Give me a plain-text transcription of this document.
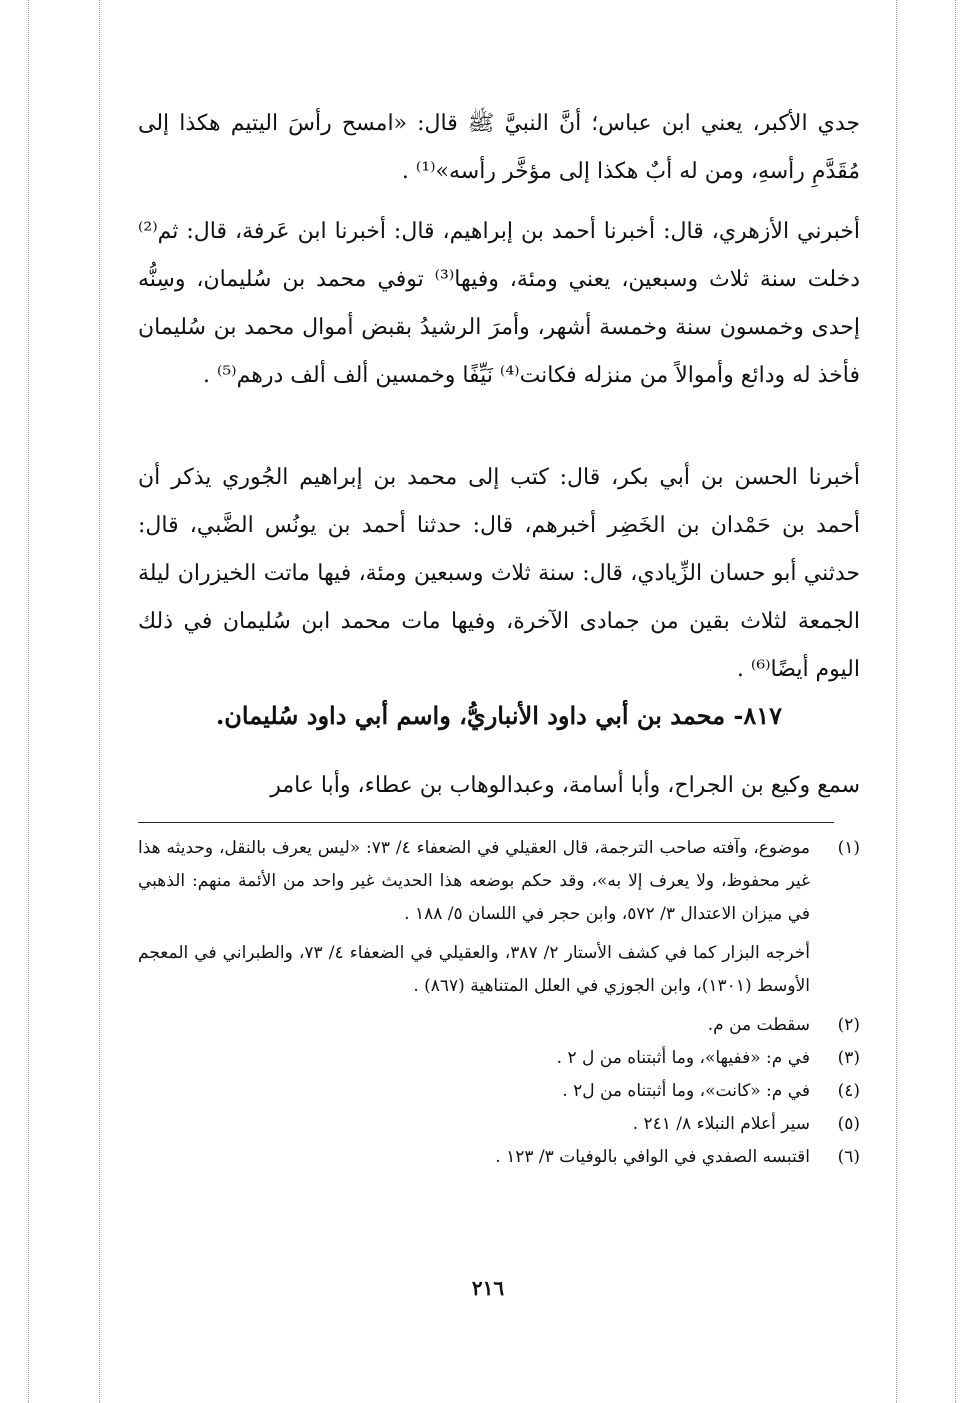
جدي الأكبر، يعني ابن عباس؛ أنَّ النبيَّ ﷺ قال: «امسح رأسَ اليتيم هكذا إلى مُقَدَّمِ رأسهِ، ومن له أبٌ هكذا إلى مؤخَّر رأسه»⁽¹⁾ .

أخبرني الأزهري، قال: أخبرنا أحمد بن إبراهيم، قال: أخبرنا ابن عَرفة، قال: ثم⁽²⁾ دخلت سنة ثلاث وسبعين، يعني ومئة، وفيها⁽³⁾ توفي محمد بن سُليمان، وسِنُّه إحدى وخمسون سنة وخمسة أشهر، وأمرَ الرشيدُ بقبض أموال محمد بن سُليمان فأخذ له ودائع وأموالاً من منزله فكانت⁽⁴⁾ نَيِّفًا وخمسين ألف ألف درهم⁽⁵⁾ .

أخبرنا الحسن بن أبي بكر، قال: كتب إلى محمد بن إبراهيم الجُوري يذكر أن أحمد بن حَمْدان بن الخَضِر أخبرهم، قال: حدثنا أحمد بن يونُس الضَّبي، قال: حدثني أبو حسان الزِّيادي، قال: سنة ثلاث وسبعين ومئة، فيها ماتت الخيزران ليلة الجمعة لثلاث بقين من جمادى الآخرة، وفيها مات محمد ابن سُليمان في ذلك اليوم أيضًا⁽⁶⁾ .

٨١٧- محمد بن أبي داود الأنباريُّ، واسم أبي داود سُليمان.

سمع وكيع بن الجراح، وأبا أسامة، وعبدالوهاب بن عطاء، وأبا عامر

(١)
موضوع، وآفته صاحب الترجمة، قال العقيلي في الضعفاء ٤/ ٧٣: «ليس يعرف بالنقل، وحديثه هذا غير محفوظ، ولا يعرف إلا به»، وقد حكم بوضعه هذا الحديث غير واحد من الأئمة منهم: الذهبي في ميزان الاعتدال ٣/ ٥٧٢، وابن حجر في اللسان ٥/ ١٨٨ .
أخرجه البزار كما في كشف الأستار ٢/ ٣٨٧، والعقيلي في الضعفاء ٤/ ٧٣، والطبراني في المعجم الأوسط (١٣٠١)، وابن الجوزي في العلل المتناهية (٨٦٧) .
(٢)
سقطت من م.
(٣)
في م: «ففيها»، وما أثبتناه من ل ٢ .
(٤)
في م: «كانت»، وما أثبتناه من ل٢ .
(٥)
سير أعلام النبلاء ٨/ ٢٤١ .
(٦)
اقتبسه الصفدي في الوافي بالوفيات ٣/ ١٢٣ .
٢١٦
